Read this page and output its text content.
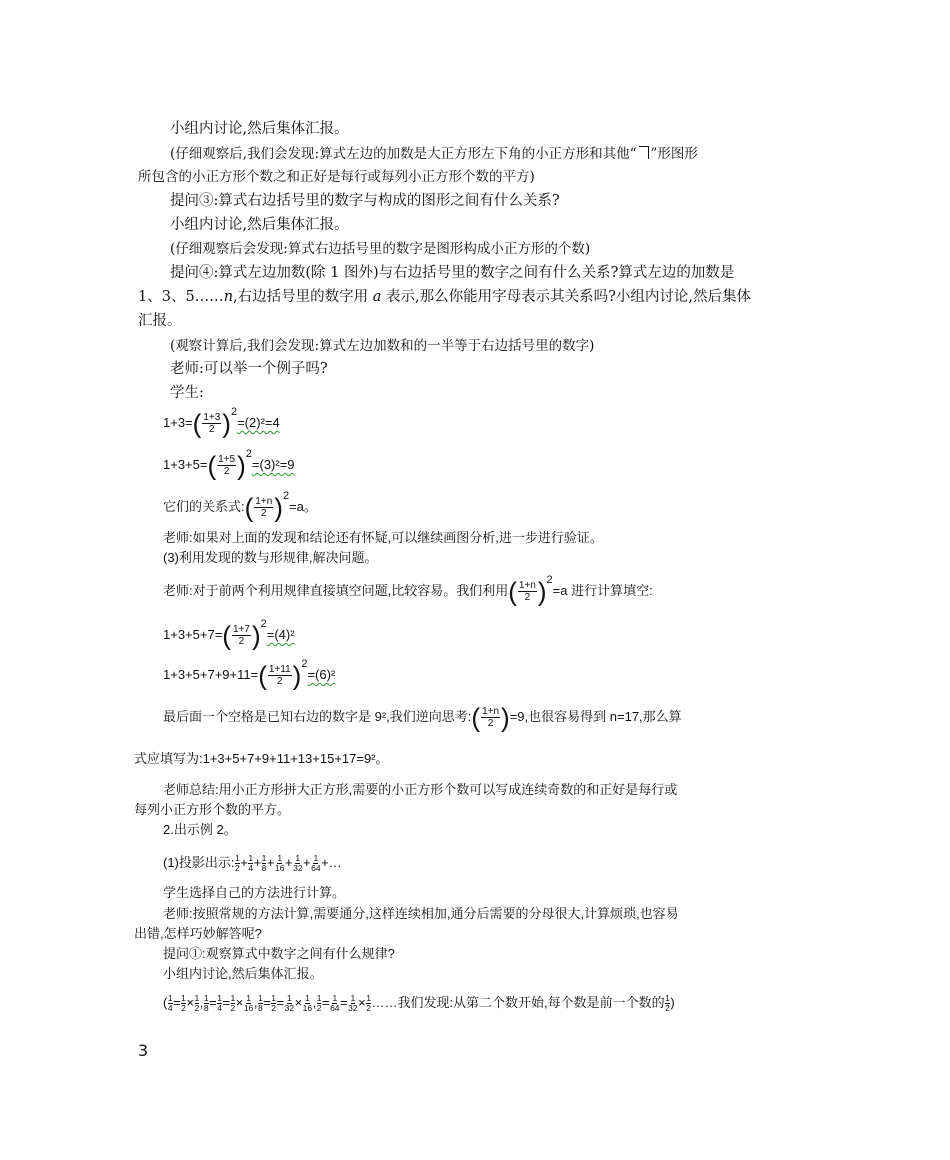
小组内讨论,然后集体汇报。
(仔细观察后,我们会发现:算式左边的加数是大正方形左下角的小正方形和其他“ ”形图形
所包含的小正方形个数之和正好是每行或每列小正方形个数的平方)
提问③:算式右边括号里的数字与构成的图形之间有什么关系?
小组内讨论,然后集体汇报。
(仔细观察后会发现:算式右边括号里的数字是图形构成小正方形的个数)
提问④:算式左边加数(除 1 图外)与右边括号里的数字之间有什么关系?算式左边的加数是
1、3、5……n,右边括号里的数字用 a 表示,那么你能用字母表示其关系吗?小组内讨论,然后集体
汇报。
(观察计算后,我们会发现:算式左边加数和的一半等于右边括号里的数字)
老师:可以举一个例子吗?
学生:
$1+3=( \frac{1+3}{2} )^2=(2)^2=4$
$1+3+5=( \frac{1+5}{2} )^2=(3)^2=9$
它们的关系式:( $\frac{1+n}{2} )^2=a$。
老师:如果对上面的发现和结论还有怀疑,可以继续画图分析,进一步进行验证。
(3)利用发现的数与形规律,解决问题。
老师:对于前两个利用规律直接填空问题,比较容易。我们利用( $\frac{1+n}{2} )^2=a$ 进行计算填空:
$1+3+5+7=( \frac{1+7}{2} )^2=(4)^2$
$1+3+5+7+9+11=( \frac{1+11}{2} )^2=(6)^2$
最后面一个空格是已知右边的数字是 9²,我们逆向思考:( $\frac{1+n}{2} )=9$,也很容易得到 n=17,那么算
式应填写为:1+3+5+7+9+11+13+15+17=9²。
老师总结:用小正方形拼大正方形,需要的小正方形个数可以写成连续奇数的和正好是每行或
每列小正方形个数的平方。
2.出示例 2。
(1)投影出示: $\frac{1}{2} + \frac{1}{4} + \frac{1}{8} + \frac{1}{16} + \frac{1}{32} + \frac{1}{64}$ +…
学生选择自己的方法进行计算。
老师:按照常规的方法计算,需要通分,这样连续相加,通分后需要的分母很大,计算烦琐,也容易
出错,怎样巧妙解答呢?
提问①:观察算式中数字之间有什么规律?
小组内讨论,然后集体汇报。
( $\frac{1}{4} = \frac{1}{2} \times \frac{1}{2}$ , $\frac{1}{8} = \frac{1}{4} = \frac{1}{2} \times \frac{1}{16}$ , $\frac{1}{8} = \frac{1}{2} = \frac{1}{32} \times \frac{1}{16}$ , $\frac{1}{2} = \frac{1}{64} = \frac{1}{32} \times \frac{1}{2}$ ……我们发现:从第二个数开始,每个数是前一个数的 $\frac{1}{2}$ )
3
